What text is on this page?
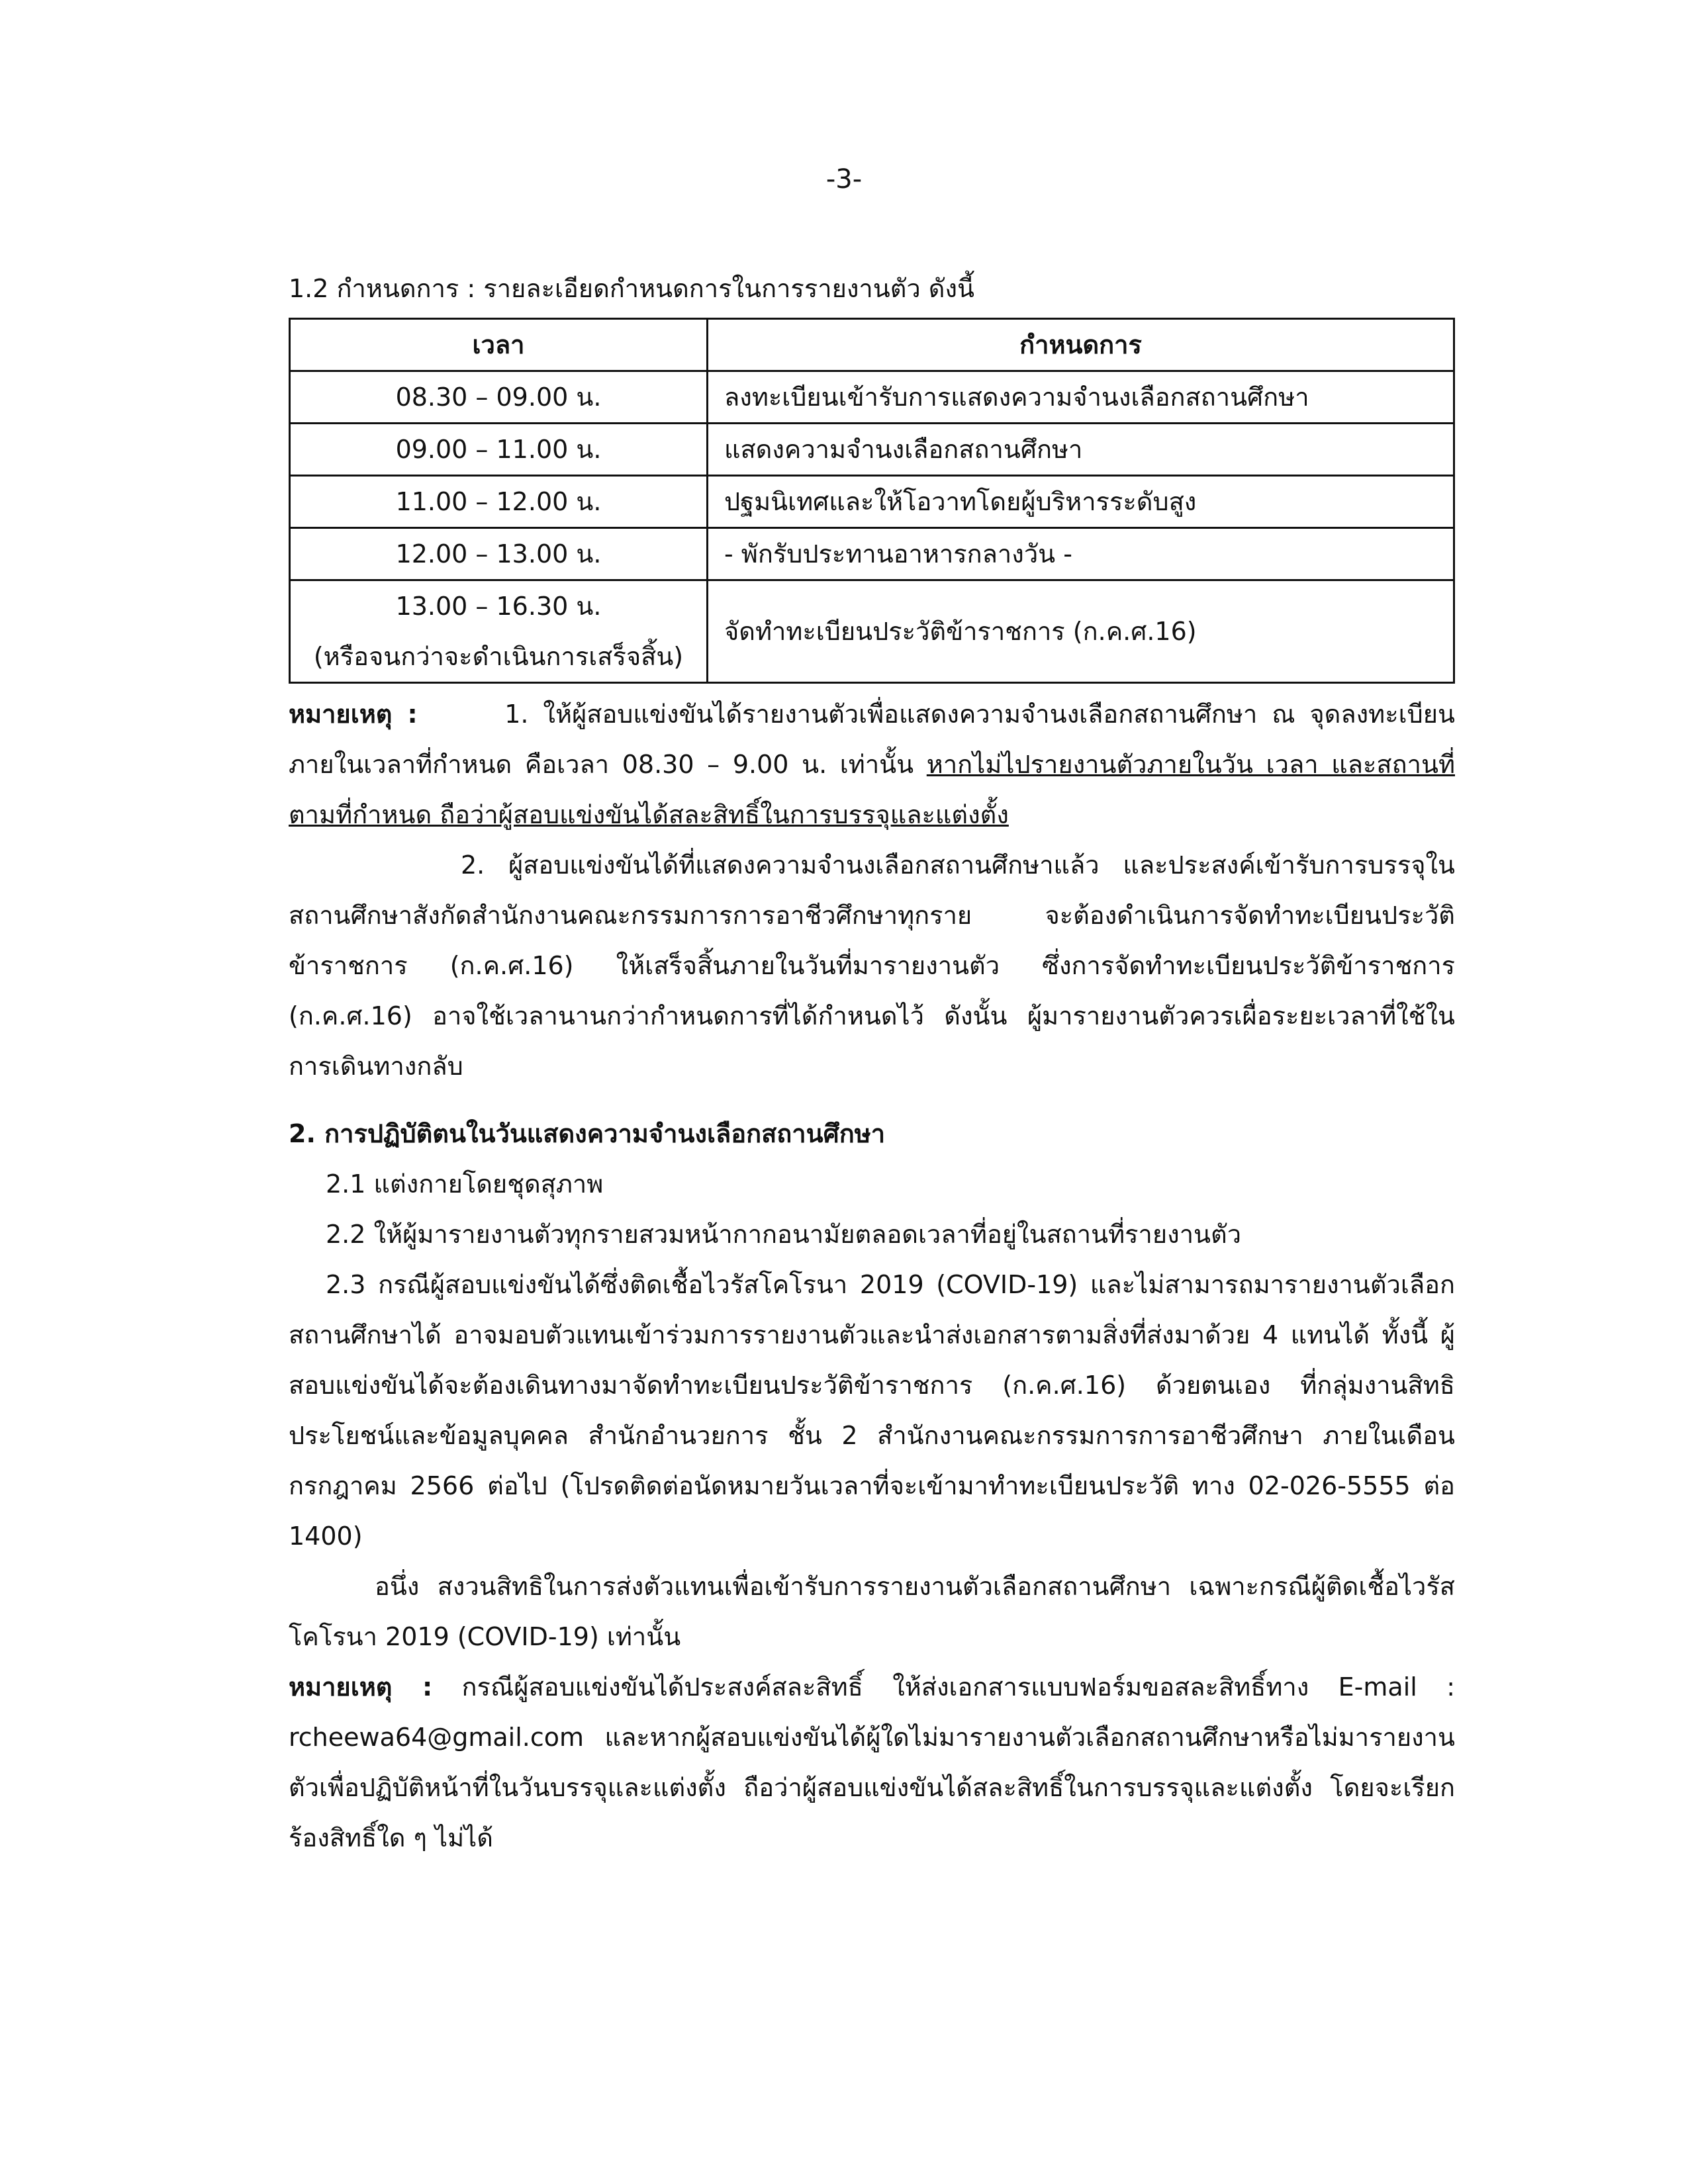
-3-

1.2 กำหนดการ : รายละเอียดกำหนดการในการรายงานตัว ดังนี้

เวลา	กำหนดการ
08.30 – 09.00 น.	ลงทะเบียนเข้ารับการแสดงความจำนงเลือกสถานศึกษา
09.00 – 11.00 น.	แสดงความจำนงเลือกสถานศึกษา
11.00 – 12.00 น.	ปฐมนิเทศและให้โอวาทโดยผู้บริหารระดับสูง
12.00 – 13.00 น.	- พักรับประทานอาหารกลางวัน -

13.00 – 16.30 น.
(หรือจนกว่าจะดำเนินการเสร็จสิ้น)	จัดทำทะเบียนประวัติข้าราชการ (ก.ค.ศ.16)

หมายเหตุ :	1. ให้ผู้สอบแข่งขันได้รายงานตัวเพื่อแสดงความจำนงเลือกสถานศึกษา ณ จุดลงทะเบียน ภายในเวลาที่กำหนด คือเวลา 08.30 – 9.00 น. เท่านั้น หากไม่ไปรายงานตัวภายในวัน เวลา และสถานที่ตามที่กำหนด ถือว่าผู้สอบแข่งขันได้สละสิทธิ์ในการบรรจุและแต่งตั้ง

2. ผู้สอบแข่งขันได้ที่แสดงความจำนงเลือกสถานศึกษาแล้ว และประสงค์เข้ารับการบรรจุในสถานศึกษาสังกัดสำนักงานคณะกรรมการการอาชีวศึกษาทุกราย จะต้องดำเนินการจัดทำทะเบียนประวัติข้าราชการ (ก.ค.ศ.16) ให้เสร็จสิ้นภายในวันที่มารายงานตัว ซึ่งการจัดทำทะเบียนประวัติข้าราชการ (ก.ค.ศ.16) อาจใช้เวลานานกว่ากำหนดการที่ได้กำหนดไว้ ดังนั้น ผู้มารายงานตัวควรเผื่อระยะเวลาที่ใช้ในการเดินทางกลับ

2. การปฏิบัติตนในวันแสดงความจำนงเลือกสถานศึกษา

2.1 แต่งกายโดยชุดสุภาพ

2.2 ให้ผู้มารายงานตัวทุกรายสวมหน้ากากอนามัยตลอดเวลาที่อยู่ในสถานที่รายงานตัว

2.3 กรณีผู้สอบแข่งขันได้ซึ่งติดเชื้อไวรัสโคโรนา 2019 (COVID-19) และไม่สามารถมารายงานตัวเลือกสถานศึกษาได้ อาจมอบตัวแทนเข้าร่วมการรายงานตัวและนำส่งเอกสารตามสิ่งที่ส่งมาด้วย 4 แทนได้ ทั้งนี้ ผู้สอบแข่งขันได้จะต้องเดินทางมาจัดทำทะเบียนประวัติข้าราชการ (ก.ค.ศ.16) ด้วยตนเอง ที่กลุ่มงานสิทธิประโยชน์และข้อมูลบุคคล สำนักอำนวยการ ชั้น 2 สำนักงานคณะกรรมการการอาชีวศึกษา ภายในเดือนกรกฎาคม 2566 ต่อไป (โปรดติดต่อนัดหมายวันเวลาที่จะเข้ามาทำทะเบียนประวัติ ทาง 02-026-5555 ต่อ 1400)

อนึ่ง สงวนสิทธิในการส่งตัวแทนเพื่อเข้ารับการรายงานตัวเลือกสถานศึกษา เฉพาะกรณีผู้ติดเชื้อไวรัสโคโรนา 2019 (COVID-19) เท่านั้น

หมายเหตุ : กรณีผู้สอบแข่งขันได้ประสงค์สละสิทธิ์ ให้ส่งเอกสารแบบฟอร์มขอสละสิทธิ์ทาง E-mail : rcheewa64@gmail.com และหากผู้สอบแข่งขันได้ผู้ใดไม่มารายงานตัวเลือกสถานศึกษาหรือไม่มารายงานตัวเพื่อปฏิบัติหน้าที่ในวันบรรจุและแต่งตั้ง ถือว่าผู้สอบแข่งขันได้สละสิทธิ์ในการบรรจุและแต่งตั้ง โดยจะเรียกร้องสิทธิ์ใด ๆ ไม่ได้
